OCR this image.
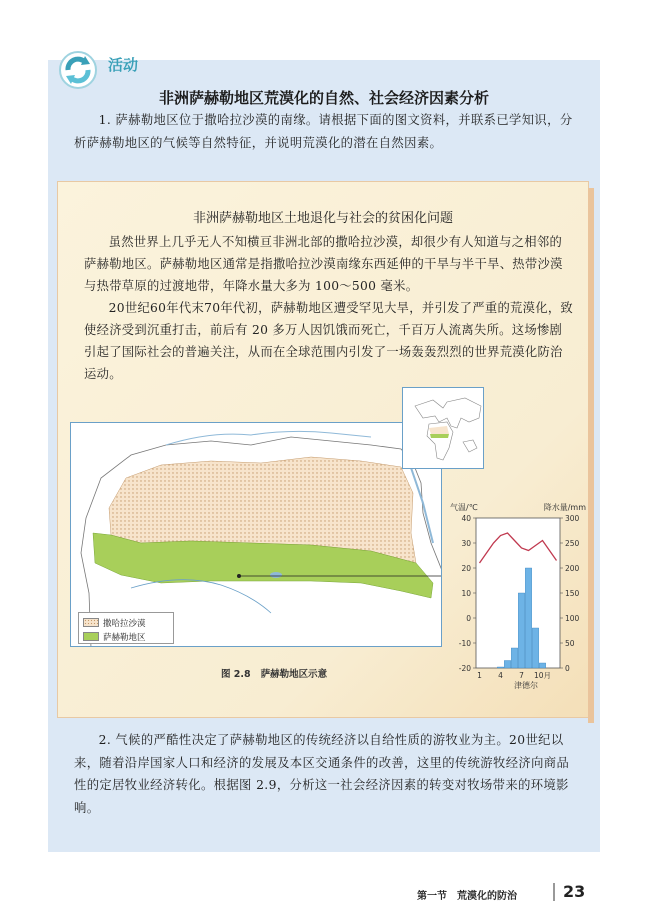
活动
非洲萨赫勒地区荒漠化的自然、社会经济因素分析

1. 萨赫勒地区位于撒哈拉沙漠的南缘。请根据下面的图文资料，并联系已学知识，分析萨赫勒地区的气候等自然特征，并说明荒漠化的潜在自然因素。

非洲萨赫勒地区土地退化与社会的贫困化问题

虽然世界上几乎无人不知横亘非洲北部的撒哈拉沙漠，却很少有人知道与之相邻的萨赫勒地区。萨赫勒地区通常是指撒哈拉沙漠南缘东西延伸的干旱与半干旱、热带沙漠与热带草原的过渡地带，年降水量大多为 100～500 毫米。

20世纪60年代末70年代初，萨赫勒地区遭受罕见大旱，并引发了严重的荒漠化，致使经济受到沉重打击，前后有 20 多万人因饥饿而死亡，千百万人流离失所。这场惨剧引起了国际社会的普遍关注，从而在全球范围内引发了一场轰轰烈烈的世界荒漠化防治运动。

撒哈拉沙漠
萨赫勒地区
图 2.8 萨赫勒地区示意
气温/℃	降水量/mm
-20
-10
0
10
20
30
40
0
50
100
150
200
250
300
1 4 7 10月
津德尔

2. 气候的严酷性决定了萨赫勒地区的传统经济以自给性质的游牧业为主。20世纪以来，随着沿岸国家人口和经济的发展及本区交通条件的改善，这里的传统游牧经济向商品性的定居牧业经济转化。根据图 2.9，分析这一社会经济因素的转变对牧场带来的环境影响。

第一节 荒漠化的防治	23
